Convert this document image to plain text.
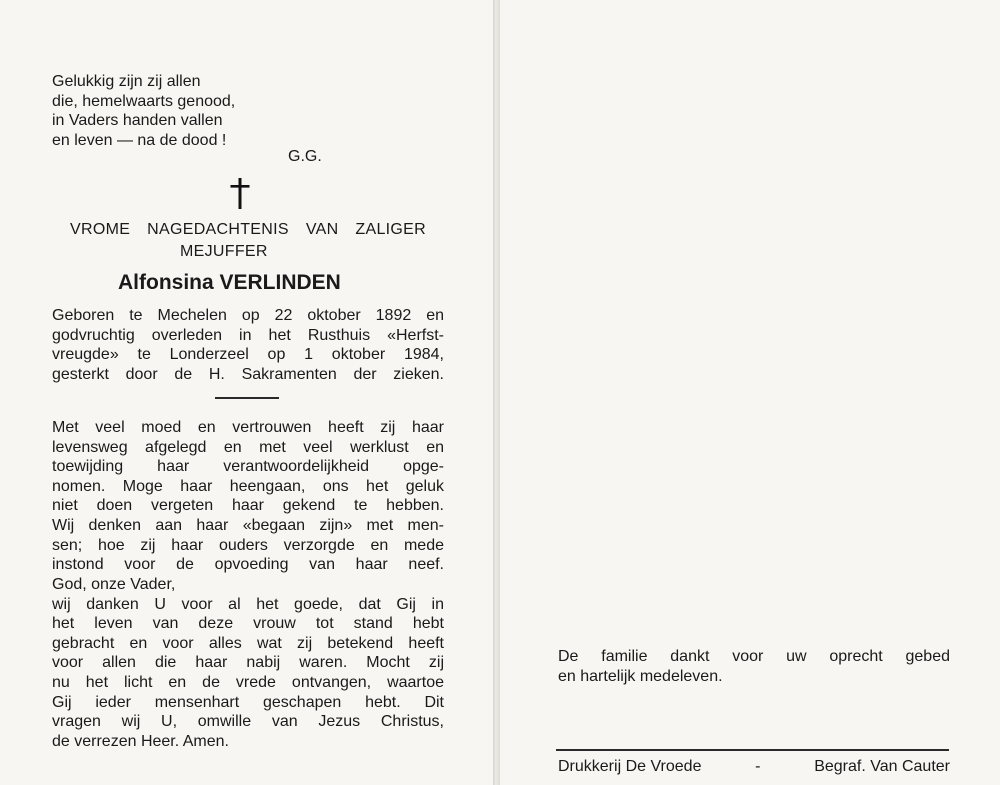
Gelukkig zijn zij allen
die, hemelwaarts genood,
in Vaders handen vallen
en leven — na de dood !
G.G.
VROME NAGEDACHTENIS VAN ZALIGER
MEJUFFER
Alfonsina VERLINDEN
Geboren te Mechelen op 22 oktober 1892 en
godvruchtig overleden in het Rusthuis «Herfst-
vreugde» te Londerzeel op 1 oktober 1984,
gesterkt door de H. Sakramenten der zieken.
Met veel moed en vertrouwen heeft zij haar
levensweg afgelegd en met veel werklust en
toewijding haar verantwoordelijkheid opge-
nomen. Moge haar heengaan, ons het geluk
niet doen vergeten haar gekend te hebben.
Wij denken aan haar «begaan zijn» met men-
sen; hoe zij haar ouders verzorgde en mede
instond voor de opvoeding van haar neef.
God, onze Vader,
wij danken U voor al het goede, dat Gij in
het leven van deze vrouw tot stand hebt
gebracht en voor alles wat zij betekend heeft
voor allen die haar nabij waren. Mocht zij
nu het licht en de vrede ontvangen, waartoe
Gij ieder mensenhart geschapen hebt. Dit
vragen wij U, omwille van Jezus Christus,
de verrezen Heer. Amen.
De familie dankt voor uw oprecht gebed
en hartelijk medeleven.
Drukkerij De Vroede	-	Begraf. Van Cauter
